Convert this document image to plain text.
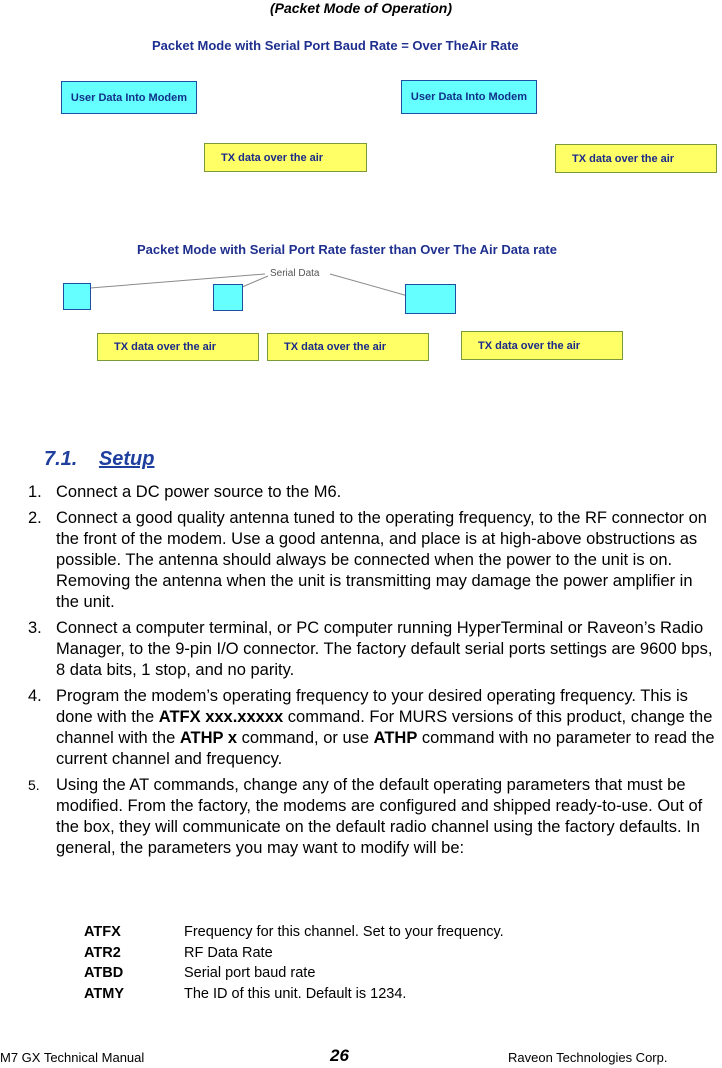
(Packet Mode of Operation)
Packet Mode with Serial Port Baud Rate = Over TheAir Rate
User Data Into Modem	User Data Into Modem
TX data over the air	TX data over the air
Packet Mode with Serial Port Rate faster than Over The Air Data rate
Serial Data
TX data over the air	TX data over the air	TX data over the air
7.1. Setup
1. Connect a DC power source to the M6.
2. Connect a good quality antenna tuned to the operating frequency, to the RF connector on the front of the modem. Use a good antenna, and place is at high-above obstructions as possible. The antenna should always be connected when the power to the unit is on. Removing the antenna when the unit is transmitting may damage the power amplifier in the unit.
3. Connect a computer terminal, or PC computer running HyperTerminal or Raveon’s Radio Manager, to the 9-pin I/O connector. The factory default serial ports settings are 9600 bps, 8 data bits, 1 stop, and no parity.
4. Program the modem’s operating frequency to your desired operating frequency. This is done with the ATFX xxx.xxxxx command. For MURS versions of this product, change the channel with the ATHP x command, or use ATHP command with no parameter to read the current channel and frequency.
5. Using the AT commands, change any of the default operating parameters that must be modified. From the factory, the modems are configured and shipped ready-to-use. Out of the box, they will communicate on the default radio channel using the factory defaults. In general, the parameters you may want to modify will be:
ATFX	Frequency for this channel. Set to your frequency.
ATR2	RF Data Rate
ATBD	Serial port baud rate
ATMY	The ID of this unit. Default is 1234.
M7 GX Technical Manual	26	Raveon Technologies Corp.
